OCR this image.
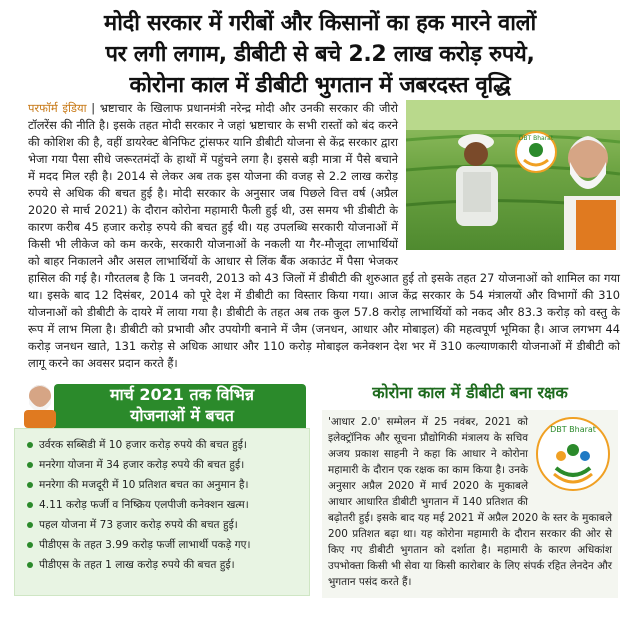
मोदी सरकार में गरीबों और किसानों का हक मारने वालों
पर लगी लगाम, डीबीटी से बचे 2.2 लाख करोड़ रुपये,
कोरोना काल में डीबीटी भुगतान में जबरदस्त वृद्धि
DBT Bharat

परफॉर्म इंडिया | भ्रष्टाचार के खिलाफ प्रधानमंत्री नरेन्द्र मोदी और उनकी सरकार की जीरो टॉलरेंस की नीति है। इसके तहत मोदी सरकार ने जहां भ्रष्टाचार के सभी रास्तों को बंद करने की कोशिश की है, वहीं डायरेक्ट बेनिफिट ट्रांसफर यानि डीबीटी योजना से केंद्र सरकार द्वारा भेजा गया पैसा सीधे जरूरतमंदों के हाथों में पहुंचने लगा है। इससे बड़ी मात्रा में पैसे बचाने में मदद मिल रही है। 2014 से लेकर अब तक इस योजना की वजह से 2.2 लाख करोड़ रुपये से अधिक की बचत हुई है। मोदी सरकार के अनुसार जब पिछले वित्त वर्ष (अप्रैल 2020 से मार्च 2021) के दौरान कोरोना महामारी फैली हुई थी, उस समय भी डीबीटी के कारण करीब 45 हजार करोड़ रुपये की बचत हुई थी। यह उपलब्धि सरकारी योजनाओं में किसी भी लीकेज को कम करके, सरकारी योजनाओं के नकली या गैर-मौजूदा लाभार्थियों को बाहर निकालने और असल लाभार्थियों के आधार से लिंक बैंक अकाउंट में पैसा भेजकर हासिल की गई है। गौरतलब है कि 1 जनवरी, 2013 को 43 जिलों में डीबीटी की शुरुआत हुई तो इसके तहत 27 योजनाओं को शामिल का गया था। इसके बाद 12 दिसंबर, 2014 को पूरे देश में डीबीटी का विस्तार किया गया। आज केंद्र सरकार के 54 मंत्रालयों और विभागों की 310 योजनाओं को डीबीटी के दायरे में लाया गया है। डीबीटी के तहत अब तक कुल 57.8 करोड़ लाभार्थियों को नकद और 83.3 करोड़ को वस्तु के रूप में लाभ मिला है। डीबीटी को प्रभावी और उपयोगी बनाने में जैम (जनधन, आधार और मोबाइल) की महत्वपूर्ण भूमिका है। आज लगभग 44 करोड़ जनधन खाते, 131 करोड़ से अधिक आधार और 110 करोड़ मोबाइल कनेक्शन देश भर में 310 कल्याणकारी योजनाओं में डीबीटी को लागू करने का अवसर प्रदान करते हैं।

मार्च 2021 तक विभिन्न
योजनाओं में बचत
उर्वरक सब्सिडी में 10 हजार करोड़ रुपये की बचत हुई।
मनरेगा योजना में 34 हजार करोड़ रुपये की बचत हुई।
मनरेगा की मजदूरी में 10 प्रतिशत बचत का अनुमान है।
4.11 करोड़ फर्जी व निष्क्रिय एलपीजी कनेक्शन खत्म।
पहल योजना में 73 हजार करोड़ रुपये की बचत हुई।
पीडीएस के तहत 3.99 करोड़ फर्जी लाभार्थी पकड़े गए।
पीडीएस के तहत 1 लाख करोड़ रुपये की बचत हुई।
कोरोना काल में डीबीटी बना रक्षक
DBT Bharat

'आधार 2.0' सम्मेलन में 25 नवंबर, 2021 को इलेक्ट्रॉनिक और सूचना प्रौद्योगिकी मंत्रालय के सचिव अजय प्रकाश साहनी ने कहा कि आधार ने कोरोना महामारी के दौरान एक रक्षक का काम किया है। उनके अनुसार अप्रैल 2020 में मार्च 2020 के मुकाबले आधार आधारित डीबीटी भुगतान में 140 प्रतिशत की बढ़ोतरी हुई। इसके बाद यह मई 2021 में अप्रैल 2020 के स्तर के मुकाबले 200 प्रतिशत बढ़ा था। यह कोरोना महामारी के दौरान सरकार की ओर से किए गए डीबीटी भुगतान को दर्शाता है। महामारी के कारण अधिकांश उपभोक्ता किसी भी सेवा या किसी कारोबार के लिए संपर्क रहित लेनदेन और भुगतान पसंद करते हैं।
